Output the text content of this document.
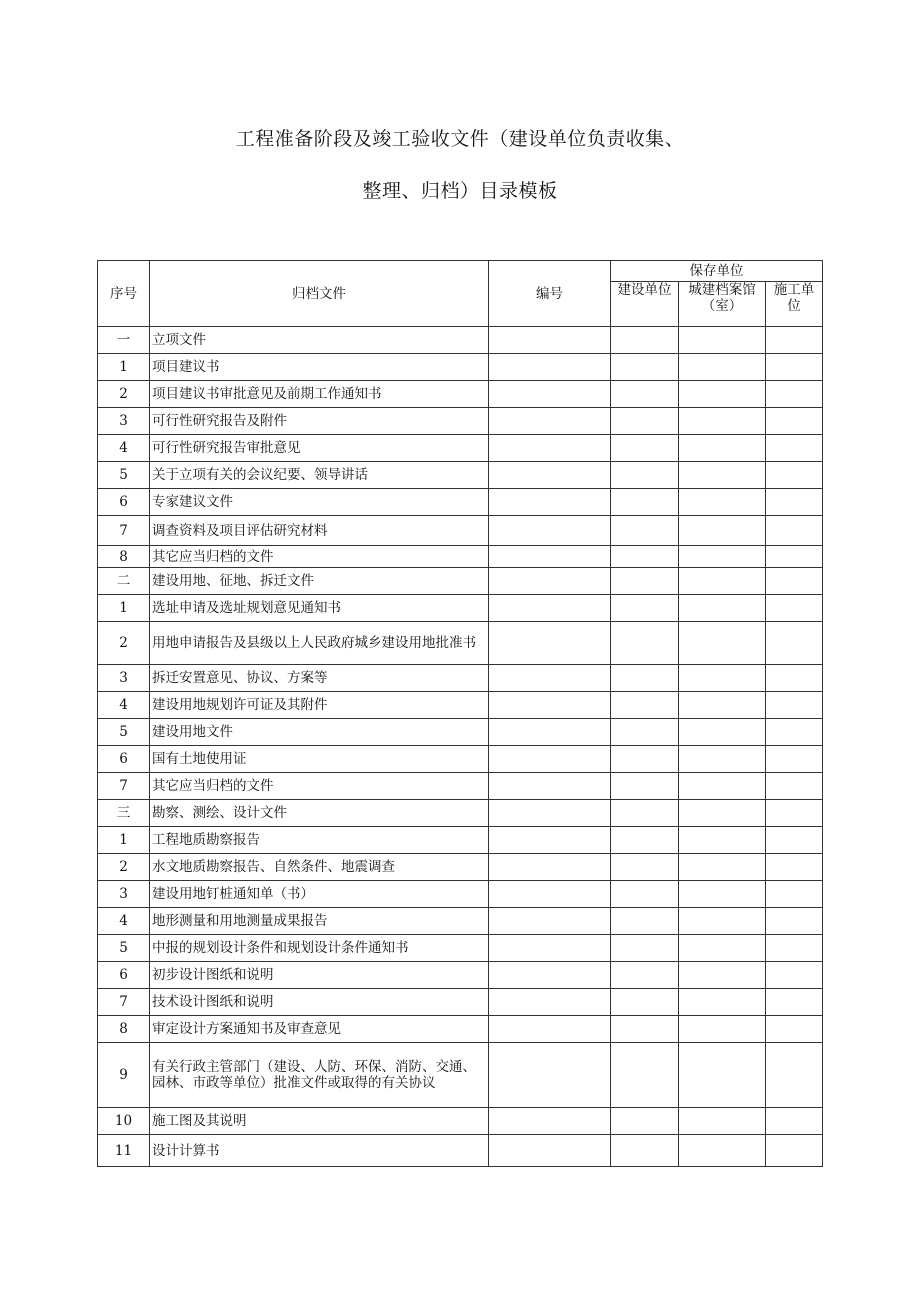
工程准备阶段及竣工验收文件（建设单位负责收集、
整理、归档）目录模板
序号	归档文件	编号	保存单位		
			建设单位	城建档案馆（室）	施工单位
一	立项文件				
1	项目建议书				
2	项目建议书审批意见及前期工作通知书				
3	可行性研究报告及附件				
4	可行性研究报告审批意见				
5	关于立项有关的会议纪要、领导讲话				
6	专家建议文件				
7	调查资料及项目评估研究材料				
8	其它应当归档的文件				
二	建设用地、征地、拆迁文件				
1	选址申请及选址规划意见通知书				
2	用地申请报告及县级以上人民政府城乡建设用地批准书				
3	拆迁安置意见、协议、方案等				
4	建设用地规划许可证及其附件				
5	建设用地文件				
6	国有土地使用证				
7	其它应当归档的文件				
三	勘察、测绘、设计文件				
1	工程地质勘察报告				
2	水文地质勘察报告、自然条件、地震调查				
3	建设用地钉桩通知单（书）				
4	地形测量和用地测量成果报告				
5	中报的规划设计条件和规划设计条件通知书				
6	初步设计图纸和说明				
7	技术设计图纸和说明				
8	审定设计方案通知书及审查意见				
9	有关行政主管部门（建设、人防、环保、消防、交通、园林、市政等单位）批准文件或取得的有关协议				
10	施工图及其说明				
11	设计计算书				
